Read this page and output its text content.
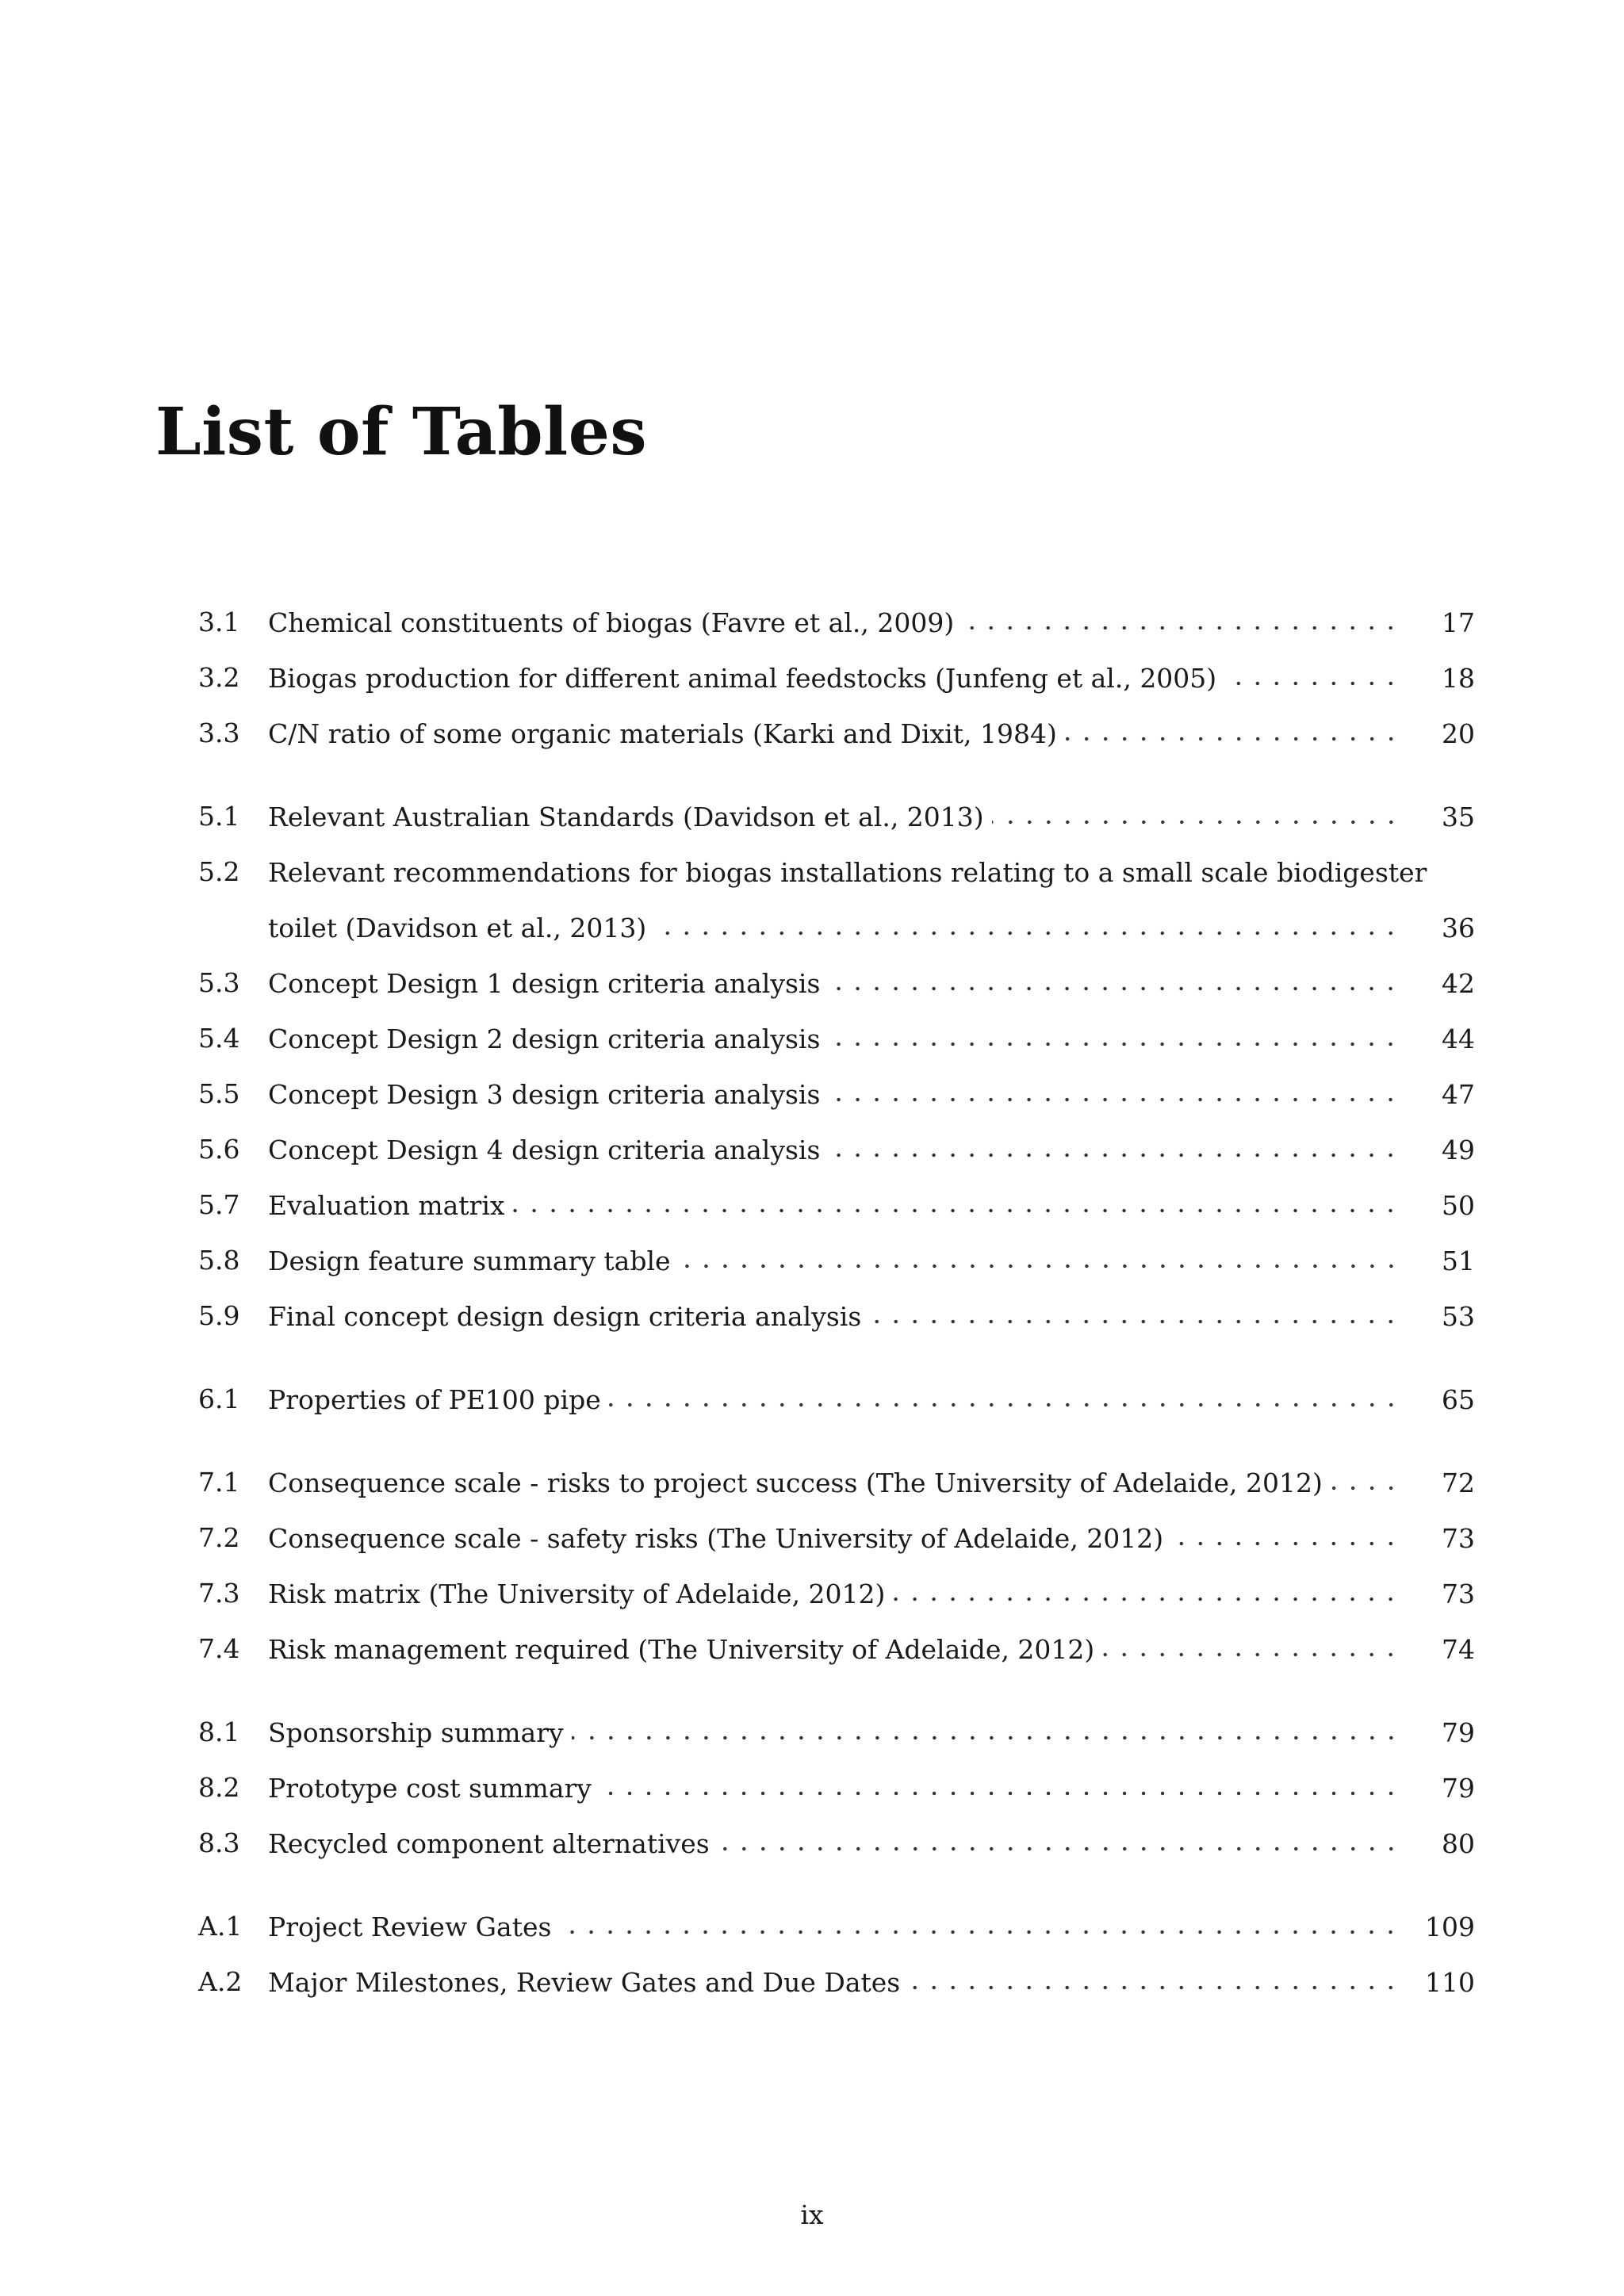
List of Tables
3.1 Chemical constituents of biogas (Favre et al., 2009)	17
3.2 Biogas production for different animal feedstocks (Junfeng et al., 2005)	18
3.3 C/N ratio of some organic materials (Karki and Dixit, 1984)	20
5.1 Relevant Australian Standards (Davidson et al., 2013)	35
5.2 Relevant recommendations for biogas installations relating to a small scale biodigester
toilet (Davidson et al., 2013)	36
5.3 Concept Design 1 design criteria analysis	42
5.4 Concept Design 2 design criteria analysis	44
5.5 Concept Design 3 design criteria analysis	47
5.6 Concept Design 4 design criteria analysis	49
5.7 Evaluation matrix	50
5.8 Design feature summary table	51
5.9 Final concept design design criteria analysis	53
6.1 Properties of PE100 pipe	65
7.1 Consequence scale - risks to project success (The University of Adelaide, 2012)	72
7.2 Consequence scale - safety risks (The University of Adelaide, 2012)	73
7.3 Risk matrix (The University of Adelaide, 2012)	73
7.4 Risk management required (The University of Adelaide, 2012)	74
8.1 Sponsorship summary	79
8.2 Prototype cost summary	79
8.3 Recycled component alternatives	80
A.1 Project Review Gates	109
A.2 Major Milestones, Review Gates and Due Dates	110
ix
